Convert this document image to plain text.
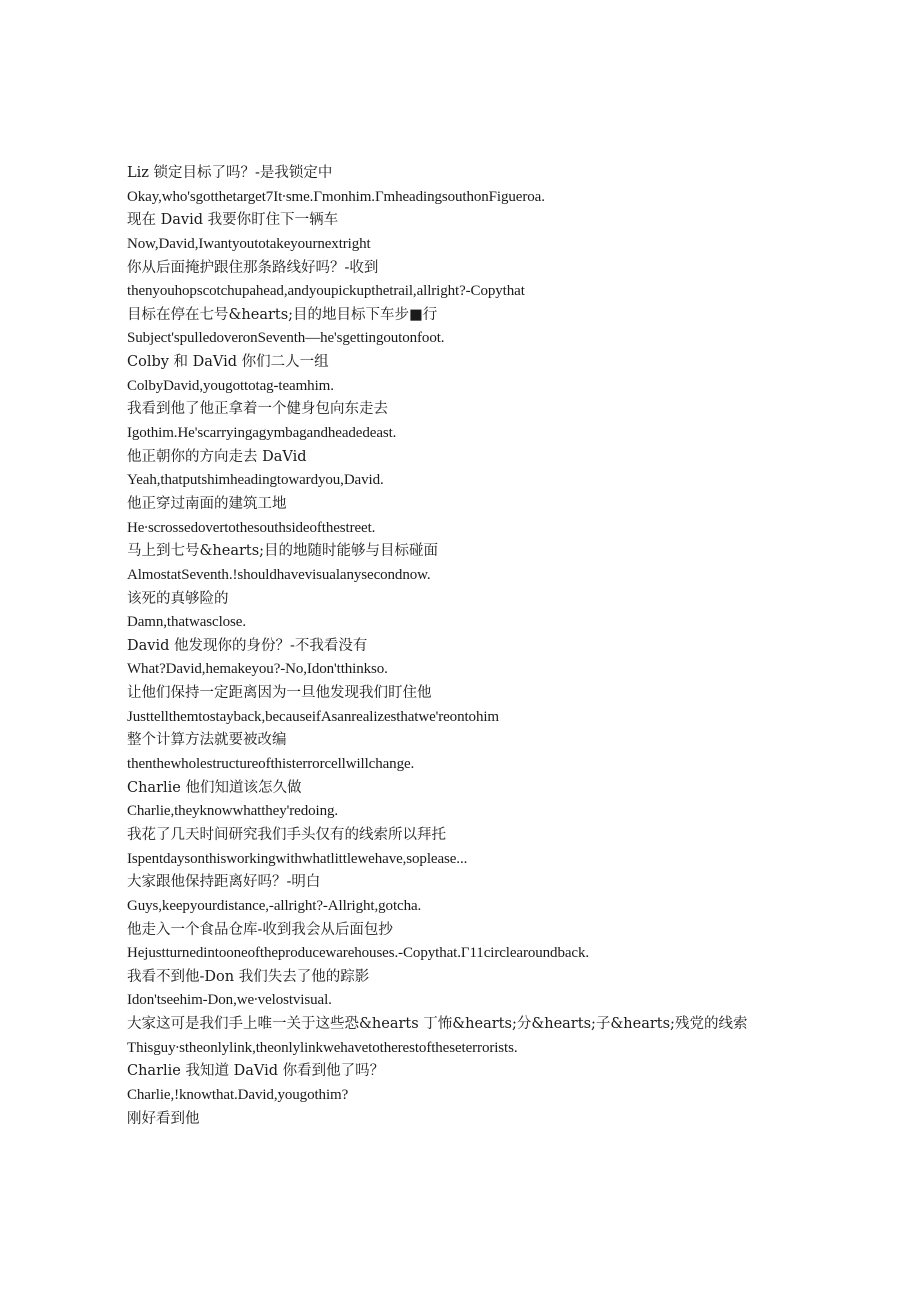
Liz 锁定目标了吗？-是我锁定中
Okay,who'sgotthetarget7It∙sme.Γmonhim.ΓmheadingsouthonFigueroa.
现在 David 我要你盯住下一辆车
Now,David,Iwantyoutotakeyournextright
你从后面掩护跟住那条路线好吗？-收到
thenyouhopscotchupahead,andyoupickupthetrail,allright?-Copythat
目标在停在七号&hearts;目的地目标下车步■行
Subject'spulledoveronSeventh—he'sgettingoutonfoot.
Colby 和 DaVid 你们二人一组
ColbyDavid,yougottotag-teamhim.
我看到他了他正拿着一个健身包向东走去
Igothim.He'scarryingagymbagandheadedeast.
他正朝你的方向走去 DaVid
Yeah,thatputshimheadingtowardyou,David.
他正穿过南面的建筑工地
He∙scrossedovertothesouthsideofthestreet.
马上到七号&hearts;目的地随时能够与目标碰面
AlmostatSeventh.!shouldhavevisualanysecondnow.
该死的真够险的
Damn,thatwasclose.
David 他发现你的身份？-不我看没有
What?David,hemakeyou?-No,Idon'tthinkso.
让他们保持一定距离因为一旦他发现我们盯住他
Justtellthemtostayback,becauseifAsanrealizesthatwe'reontohim
整个计算方法就要被改编
thenthewholestructureofthisterrorcellwillchange.
Charlie 他们知道该怎久做
Charlie,theyknowwhatthey'redoing.
我花了几天时间研究我们手头仅有的线索所以拜托
Ispentdaysonthisworkingwithwhatlittlewehave,soplease...
大家跟他保持距离好吗？-明白
Guys,keepyourdistance,-allright?-Allright,gotcha.
他走入一个食品仓库-收到我会从后面包抄
Hejustturnedintooneoftheproducewarehouses.-Copythat.Γ11circlearoundback.
我看不到他-Don 我们失去了他的踪影
Idon'tseehim-Don,we∙velostvisual.
大家这可是我们手上唯一关于这些恐&hearts 丁怖&hearts;分&hearts;子&hearts;残党的线索
Thisguy∙stheonlylink,theonlylinkwehavetotherestoftheseterrorists.
Charlie 我知道 DaVid 你看到他了吗？
Charlie,!knowthat.David,yougothim?
刚好看到他
